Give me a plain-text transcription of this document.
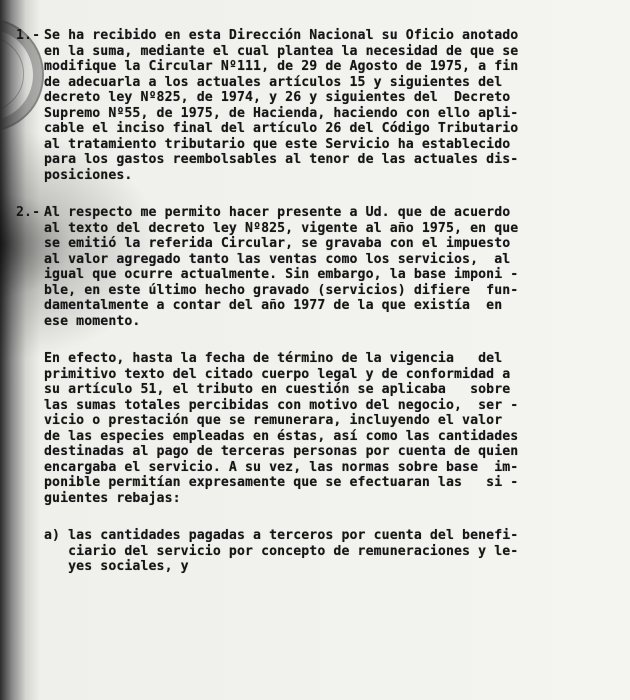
1.- Se ha recibido en esta Dirección Nacional su Oficio anotado
en la suma, mediante el cual plantea la necesidad de que se
modifique la Circular Nº111, de 29 de Agosto de 1975, a fin
de adecuarla a los actuales artículos 15 y siguientes del
decreto ley Nº825, de 1974, y 26 y siguientes del  Decreto
Supremo Nº55, de 1975, de Hacienda, haciendo con ello apli-
cable el inciso final del artículo 26 del Código Tributario
al tratamiento tributario que este Servicio ha establecido
para los gastos reembolsables al tenor de las actuales dis-
posiciones.
2.- Al respecto me permito hacer presente a Ud. que de acuerdo
al texto del decreto ley Nº825, vigente al año 1975, en que
se emitió la referida Circular, se gravaba con el impuesto
al valor agregado tanto las ventas como los servicios,  al
igual que ocurre actualmente. Sin embargo, la base imponi -
ble, en este último hecho gravado (servicios) difiere  fun-
damentalmente a contar del año 1977 de la que existía  en
ese momento.
En efecto, hasta la fecha de término de la vigencia   del
primitivo texto del citado cuerpo legal y de conformidad a
su artículo 51, el tributo en cuestión se aplicaba   sobre
las sumas totales percibidas con motivo del negocio,  ser -
vicio o prestación que se remunerara, incluyendo el valor
de las especies empleadas en éstas, así como las cantidades
destinadas al pago de terceras personas por cuenta de quien
encargaba el servicio. A su vez, las normas sobre base  im-
ponible permitían expresamente que se efectuaran las   si -
guientes rebajas:
a) las cantidades pagadas a terceros por cuenta del benefi-
ciario del servicio por concepto de remuneraciones y le-
yes sociales, y
